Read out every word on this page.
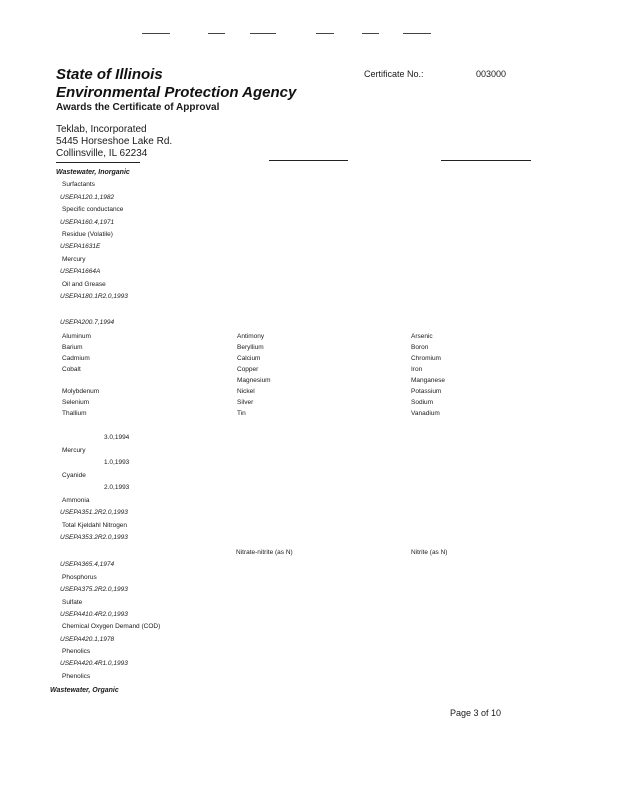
State of Illinois
Environmental Protection Agency
Awards the Certificate of Approval
Certificate No.:	003000
Teklab, Incorporated
5445 Horseshoe Lake Rd.
Collinsville, IL 62234
Wastewater, Inorganic
Wastewater, Organic
Surfactants
USEPA120.1,1982
Specific conductance
USEPA160.4,1971
Residue (Volatile)
USEPA1631E
Mercury
USEPA1664A
Oil and Grease
USEPA180.1R2.0,1993
USEPA200.7,1994
3.0,1994
Mercury
1.0,1993
Cyanide
2.0,1993
Ammonia
USEPA351.2R2.0,1993
Total Kjeldahl Nitrogen
USEPA353.2R2.0,1993
USEPA365.4,1974
Phosphorus
USEPA375.2R2.0,1993
Sulfate
USEPA410.4R2.0,1993
Chemical Oxygen Demand (COD)
USEPA420.1,1978
Phenolics
USEPA420.4R1.0,1993
Phenolics
Aluminum
Barium
Cadmium
Cobalt
Molybdenum
Selenium
Thallium
Antimony
Beryllium
Calcium
Copper
Magnesium
Nickel
Silver
Tin
Arsenic
Boron
Chromium
Iron
Manganese
Potassium
Sodium
Vanadium
Nitrate-nitrite (as N)	Nitrite (as N)
Page 3 of 10
